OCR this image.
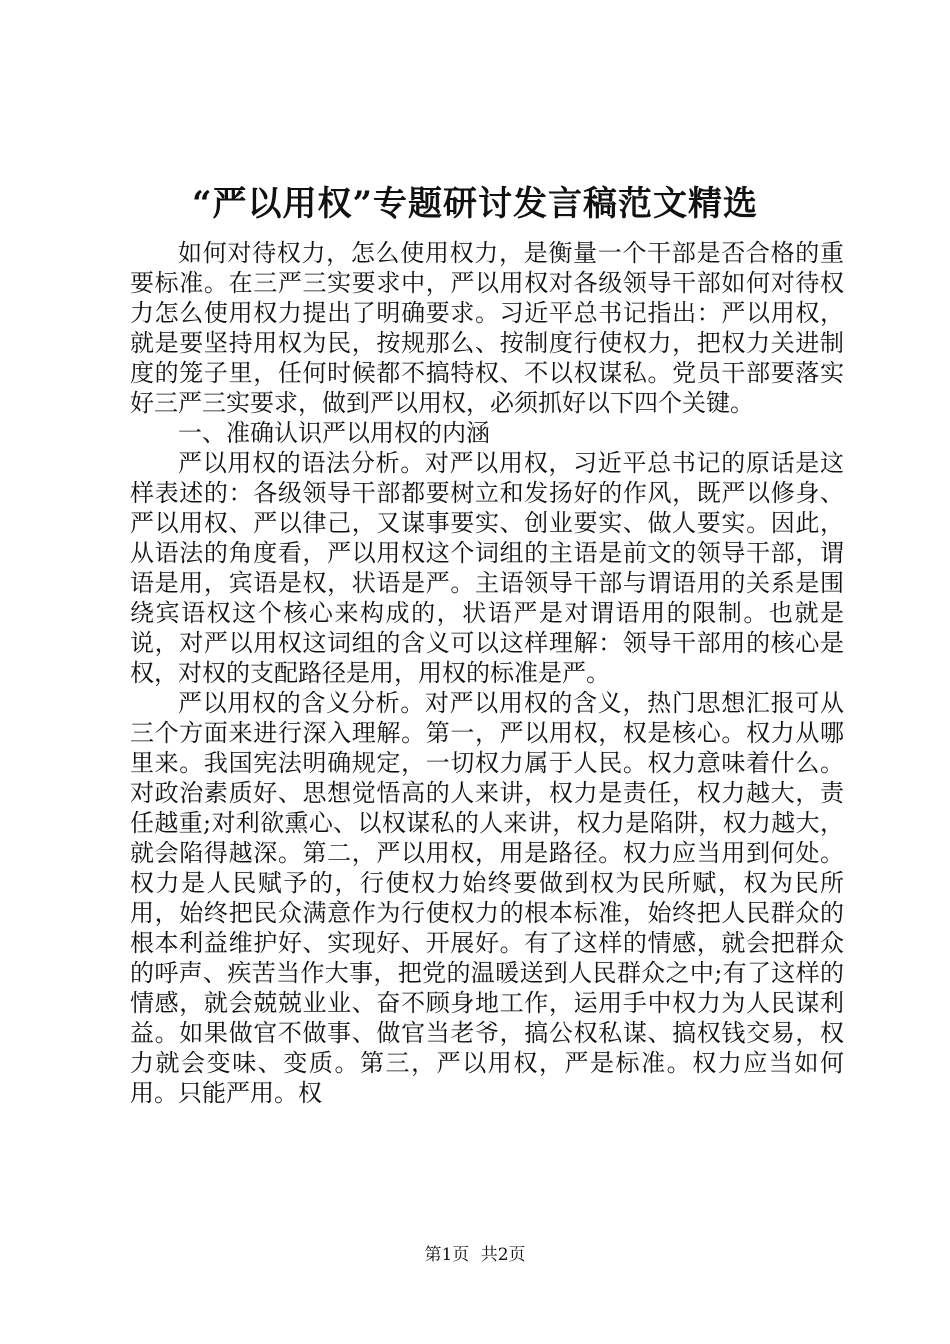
“严以用权”专题研讨发言稿范文精选

如何对待权力，怎么使用权力，是衡量一个干部是否合格的重要标准。在三严三实要求中，严以用权对各级领导干部如何对待权力怎么使用权力提出了明确要求。习近平总书记指出：严以用权，就是要坚持用权为民，按规那么、按制度行使权力，把权力关进制度的笼子里，任何时候都不搞特权、不以权谋私。党员干部要落实好三严三实要求，做到严以用权，必须抓好以下四个关键。

一、准确认识严以用权的内涵

严以用权的语法分析。对严以用权，习近平总书记的原话是这样表述的：各级领导干部都要树立和发扬好的作风，既严以修身、严以用权、严以律己，又谋事要实、创业要实、做人要实。因此，从语法的角度看，严以用权这个词组的主语是前文的领导干部，谓语是用，宾语是权，状语是严。主语领导干部与谓语用的关系是围绕宾语权这个核心来构成的，状语严是对谓语用的限制。也就是说，对严以用权这词组的含义可以这样理解：领导干部用的核心是权，对权的支配路径是用，用权的标准是严。

严以用权的含义分析。对严以用权的含义，热门思想汇报可从三个方面来进行深入理解。第一，严以用权，权是核心。权力从哪里来。我国宪法明确规定，一切权力属于人民。权力意味着什么。对政治素质好、思想觉悟高的人来讲，权力是责任，权力越大，责任越重;对利欲熏心、以权谋私的人来讲，权力是陷阱，权力越大，就会陷得越深。第二，严以用权，用是路径。权力应当用到何处。权力是人民赋予的，行使权力始终要做到权为民所赋，权为民所用，始终把民众满意作为行使权力的根本标准，始终把人民群众的根本利益维护好、实现好、开展好。有了这样的情感，就会把群众的呼声、疾苦当作大事，把党的温暖送到人民群众之中;有了这样的情感，就会兢兢业业、奋不顾身地工作，运用手中权力为人民谋利益。如果做官不做事、做官当老爷，搞公权私谋、搞权钱交易，权力就会变味、变质。第三，严以用权，严是标准。权力应当如何用。只能严用。权

第1页 共2页
